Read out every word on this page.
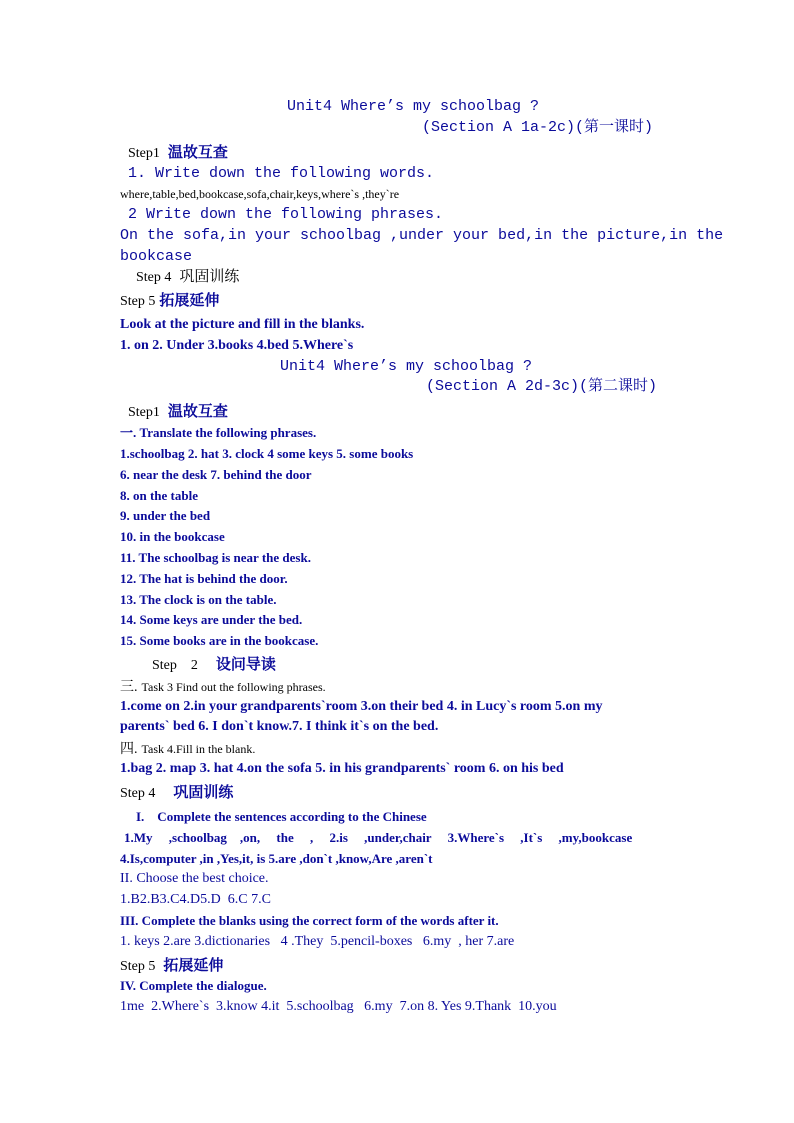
Unit4 Where’s my schoolbag ?
(Section A 1a-2c)(第一课时)
Step1 温故互查
1. Write down the following words.
where,table,bed,bookcase,sofa,chair,keys,where`s ,they`re
2 Write down the following phrases.
On the sofa,in your schoolbag ,under your bed,in the picture,in the
bookcase
Step 4 巩固训练
Step 5 拓展延伸
Look at the picture and fill in the blanks.
1. on 2. Under 3.books 4.bed 5.Where`s
Unit4 Where’s my schoolbag ?
(Section A 2d-3c)(第二课时)
Step1 温故互查
一. Translate the following phrases.
1.schoolbag 2. hat 3. clock 4 some keys 5. some books
6. near the desk 7. behind the door
8. on the table
9. under the bed
10. in the bookcase
11. The schoolbag is near the desk.
12. The hat is behind the door.
13. The clock is on the table.
14. Some keys are under the bed.
15. Some books are in the bookcase.
Step    2 设问导读
三. Task 3 Find out the following phrases.
1.come on 2.in your grandparents`room 3.on their bed 4. in Lucy`s room 5.on my
parents` bed 6. I don`t know.7. I think it`s on the bed.
四. Task 4.Fill in the blank.
1.bag 2. map 3. hat 4.on the sofa 5. in his grandparents` room 6. on his bed
Step 4 巩固训练
I.    Complete the sentences according to the Chinese
1.My     ,schoolbag    ,on,     the     ,     2.is     ,under,chair     3.Where`s     ,It`s     ,my,bookcase
4.Is,computer ,in ,Yes,it, is 5.are ,don`t ,know,Are ,aren`t
II. Choose the best choice.
1.B2.B3.C4.D5.D  6.C 7.C
III. Complete the blanks using the correct form of the words after it.
1. keys 2.are 3.dictionaries   4 .They  5.pencil-boxes   6.my  , her 7.are
Step 5 拓展延伸
IV. Complete the dialogue.
1me  2.Where`s  3.know 4.it  5.schoolbag   6.my  7.on 8. Yes 9.Thank  10.you
